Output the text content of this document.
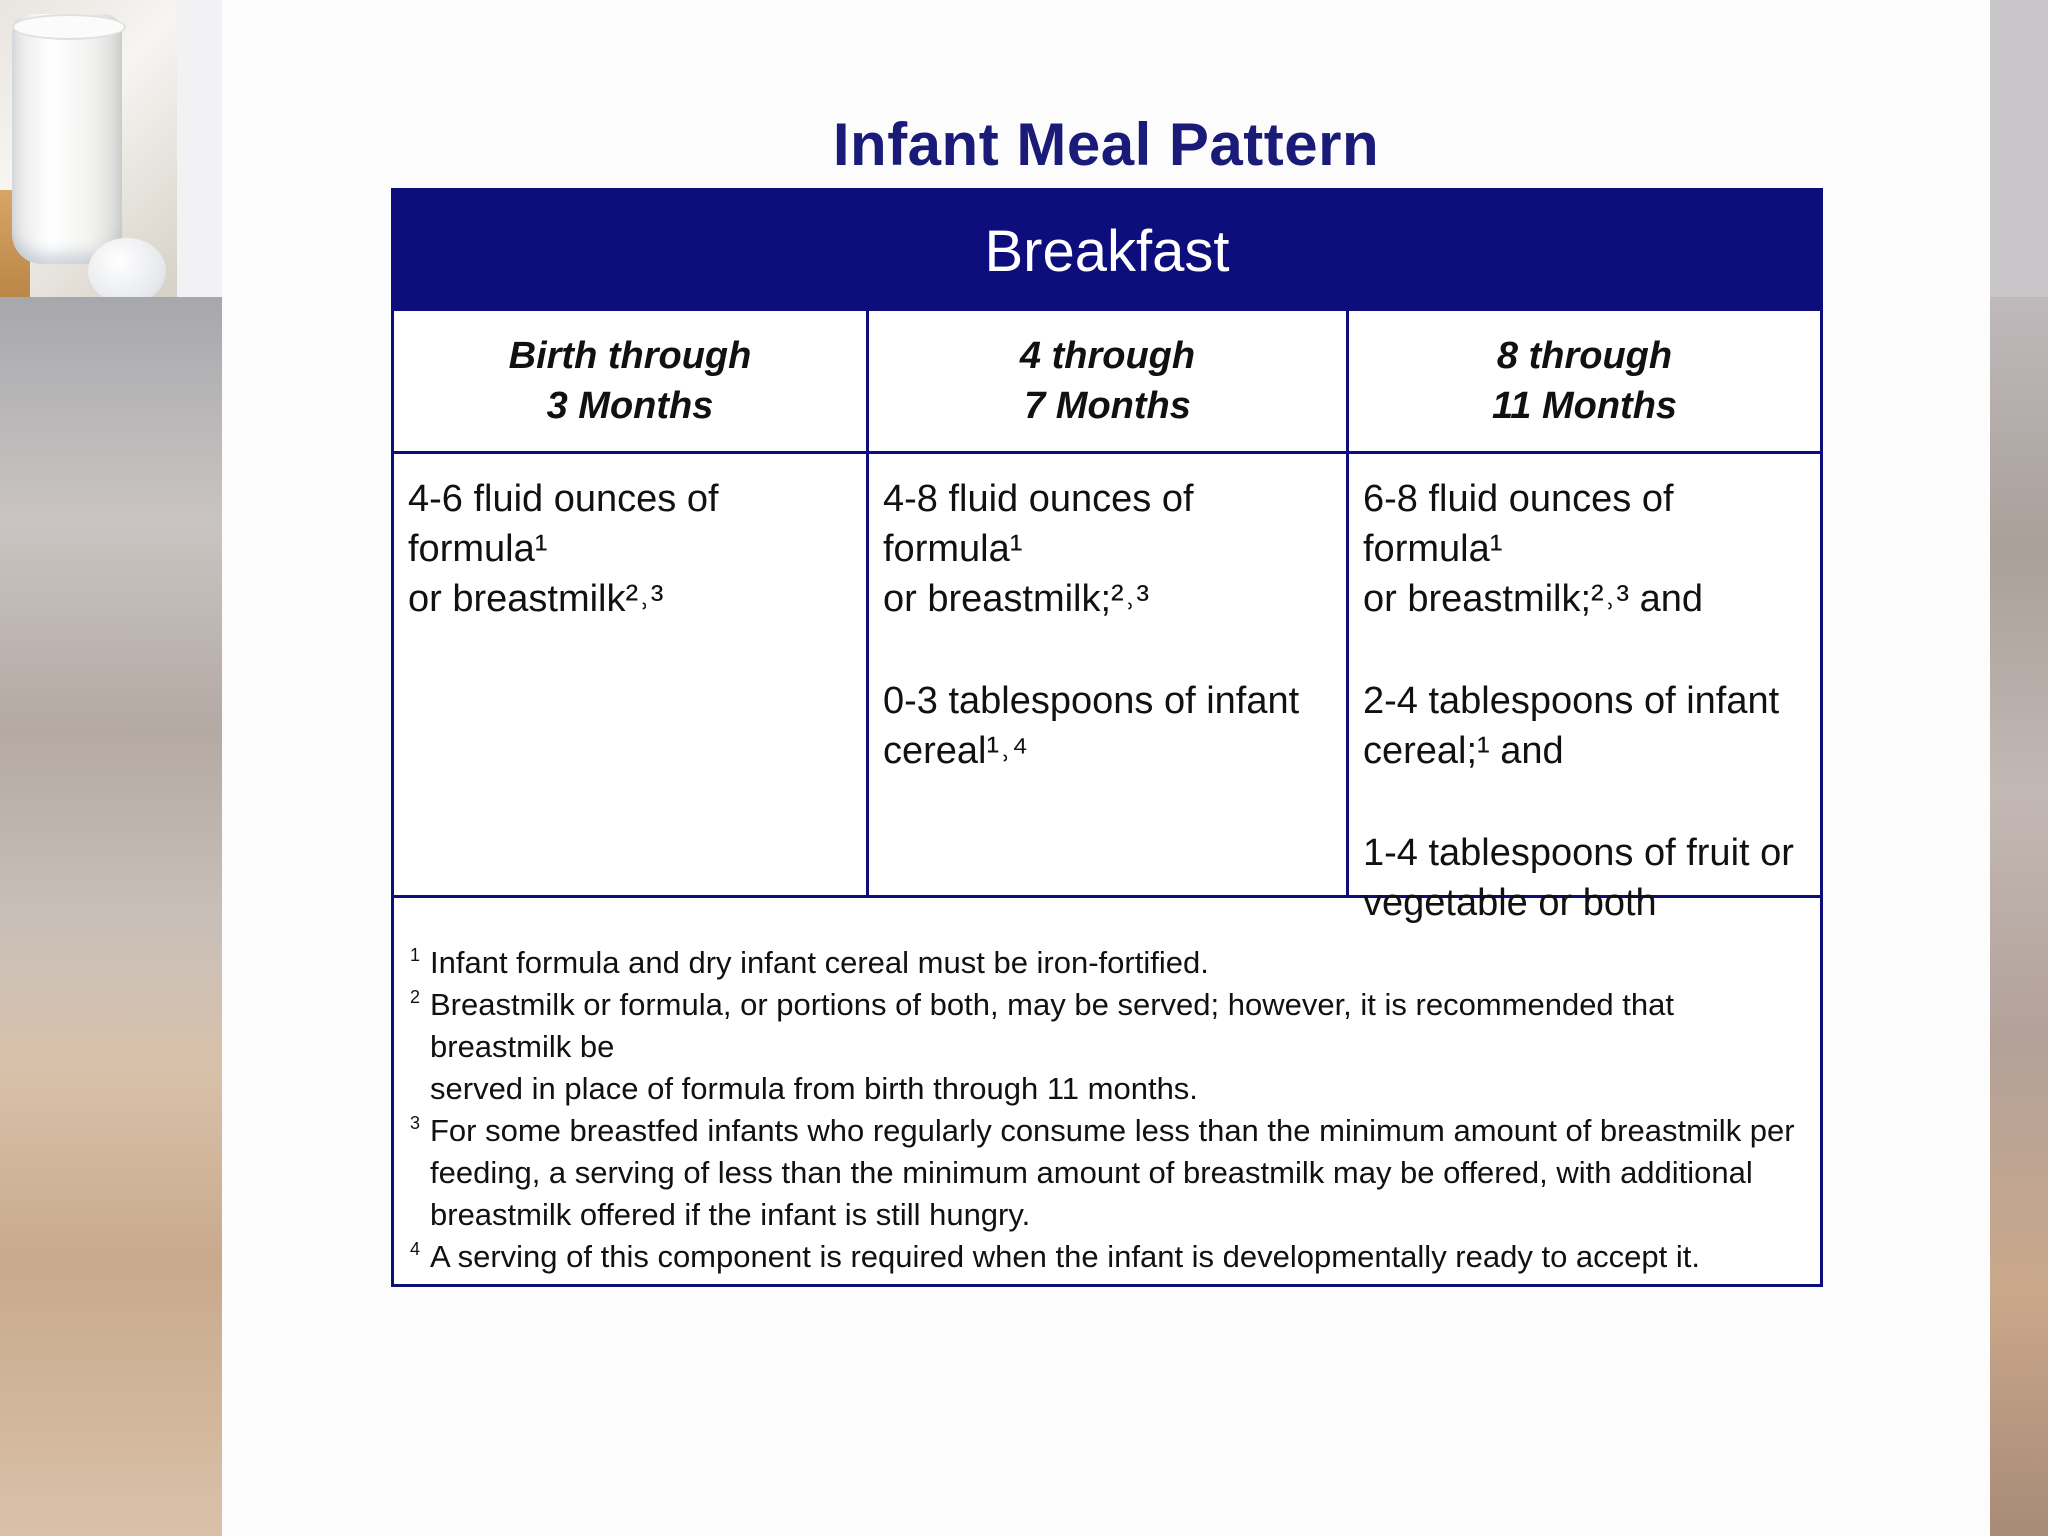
Infant Meal Pattern
Breakfast
Birth through
3 Months
4 through
7 Months
8 through
11 Months
4-6 fluid ounces of formula¹
or breastmilk²˒³
4-8 fluid ounces of formula¹
or breastmilk;²˒³
0-3 tablespoons of infant
cereal¹˒⁴
6-8 fluid ounces of formula¹
or breastmilk;²˒³ and
2-4 tablespoons of infant
cereal;¹ and
1-4 tablespoons of fruit or
vegetable or both
1 Infant formula and dry infant cereal must be iron-fortified.
2 Breastmilk or formula, or portions of both, may be served; however, it is recommended that breastmilk be
served in place of formula from birth through 11 months.
3 For some breastfed infants who regularly consume less than the minimum amount of breastmilk per
feeding, a serving of less than the minimum amount of breastmilk may be offered, with additional
breastmilk offered if the infant is still hungry.
4 A serving of this component is required when the infant is developmentally ready to accept it.
